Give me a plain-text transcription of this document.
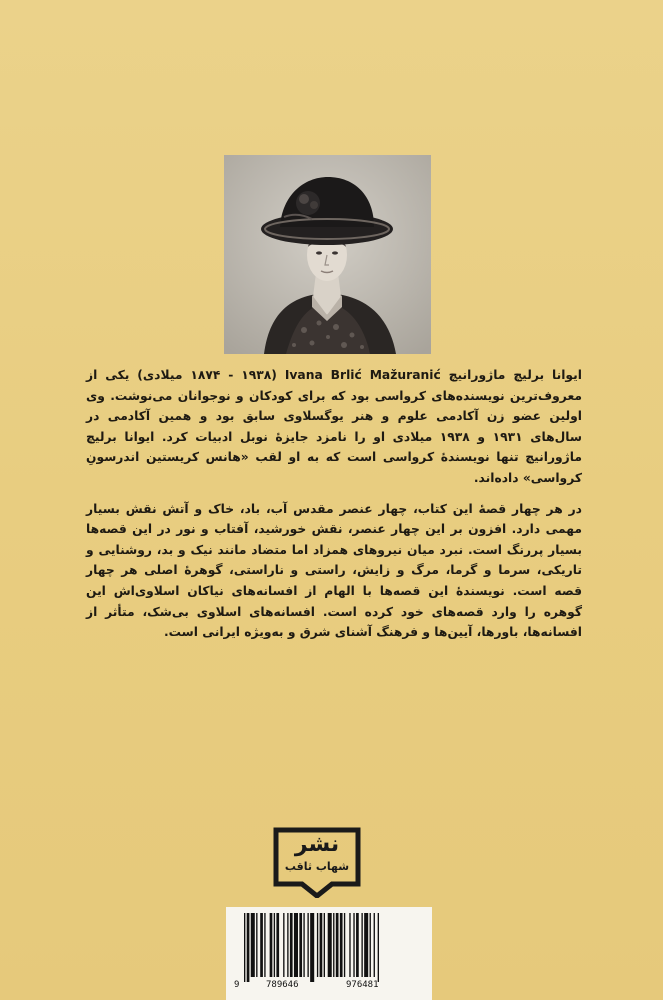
ایوانا برلیچ ماژورانیچ Ivana Brlić Mažuranić (۱۸۷۴ - ۱۹۳۸ میلادی) یکی از معروف‌ترین نویسنده‌های کرواسی بود که برای کودکان و نوجوانان می‌نوشت. وی اولین عضو زن آکادمی علوم و هنر یوگسلاوی سابق بود و همین آکادمی در سال‌های ۱۹۳۱ و ۱۹۳۸ میلادی او را نامزد جایزهٔ نوبل ادبیات کرد. ایوانا برلیچ ماژورانیچ تنها نویسندهٔ کرواسی است که به او لقب «هانس کریستین اندرسونِ کرواسی» داده‌اند.

در هر چهار قصهٔ این کتاب، چهار عنصر مقدس آب، باد، خاک و آتش نقش بسیار مهمی دارد. افزون بر این چهار عنصر، نقش خورشید، آفتاب و نور در این قصه‌ها بسیار پررنگ است. نبرد میان نیروهای همزاد اما متضاد مانند نیک و بد، روشنایی و تاریکی، سرما و گرما، مرگ و زایش، راستی و ناراستی، گوهرهٔ اصلی هر چهار قصه است. نویسندهٔ این قصه‌ها با الهام از افسانه‌های نیاکان اسلاوی‌اش این گوهره را وارد قصه‌های خود کرده است. افسانه‌های اسلاوی بی‌شک، متأثر از افسانه‌ها، باورها، آیین‌ها و فرهنگ آشنای شرق و به‌ویژه ایرانی است.

نشر
شهاب ثاقب
9	789646	976481
